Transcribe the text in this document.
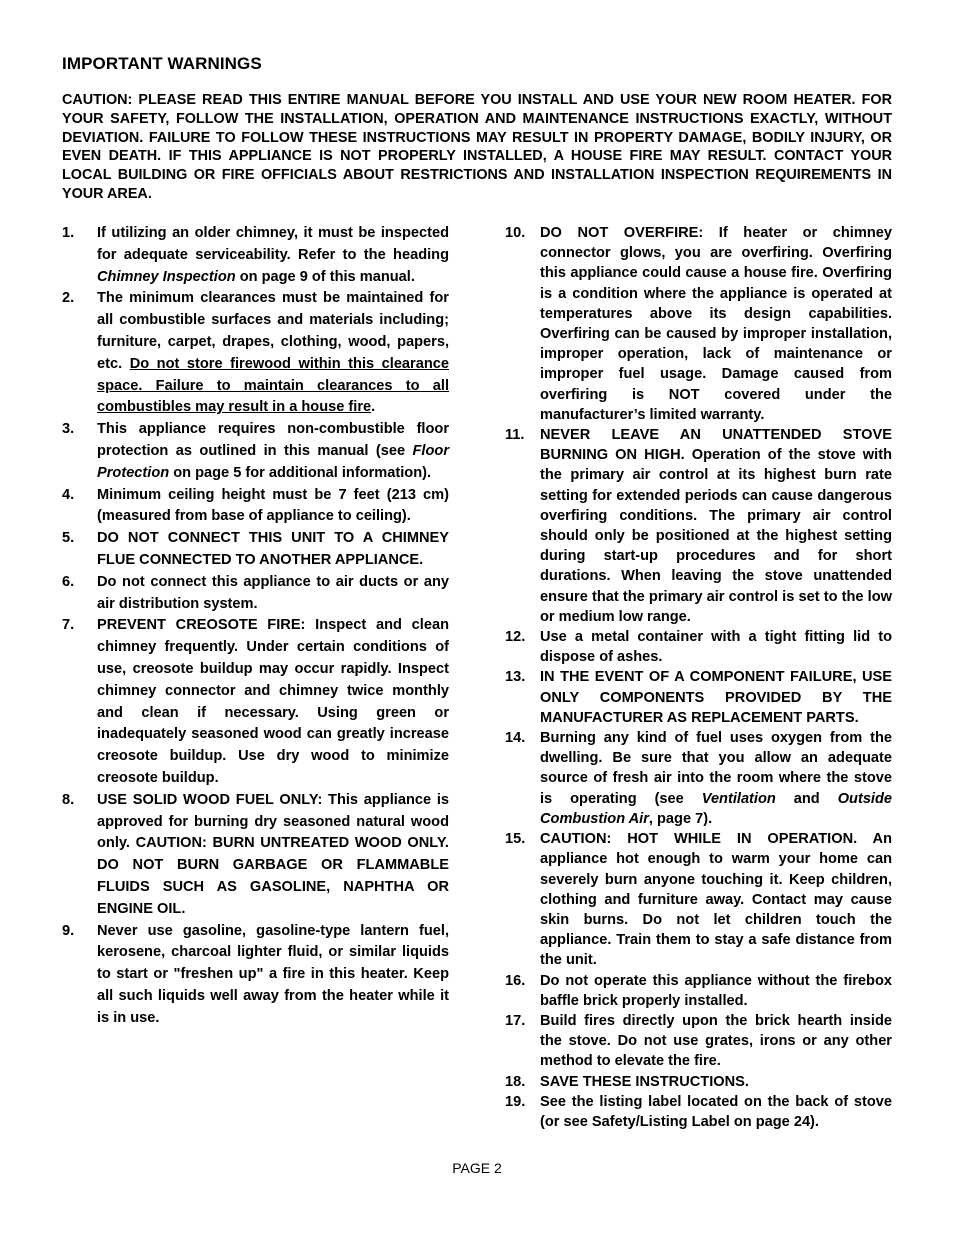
IMPORTANT WARNINGS
CAUTION: PLEASE READ THIS ENTIRE MANUAL BEFORE YOU INSTALL AND USE YOUR NEW ROOM HEATER. FOR YOUR SAFETY, FOLLOW THE INSTALLATION, OPERATION AND MAINTENANCE INSTRUCTIONS EXACTLY, WITHOUT DEVIATION. FAILURE TO FOLLOW THESE INSTRUCTIONS MAY RESULT IN PROPERTY DAMAGE, BODILY INJURY, OR EVEN DEATH. IF THIS APPLIANCE IS NOT PROPERLY INSTALLED, A HOUSE FIRE MAY RESULT. CONTACT YOUR LOCAL BUILDING OR FIRE OFFICIALS ABOUT RESTRICTIONS AND INSTALLATION INSPECTION REQUIREMENTS IN YOUR AREA.
1. If utilizing an older chimney, it must be inspected for adequate serviceability. Refer to the heading Chimney Inspection on page 9 of this manual.
2. The minimum clearances must be maintained for all combustible surfaces and materials including; furniture, carpet, drapes, clothing, wood, papers, etc. Do not store firewood within this clearance space. Failure to maintain clearances to all combustibles may result in a house fire.
3. This appliance requires non-combustible floor protection as outlined in this manual (see Floor Protection on page 5 for additional information).
4. Minimum ceiling height must be 7 feet (213 cm) (measured from base of appliance to ceiling).
5. DO NOT CONNECT THIS UNIT TO A CHIMNEY FLUE CONNECTED TO ANOTHER APPLIANCE.
6. Do not connect this appliance to air ducts or any air distribution system.
7. PREVENT CREOSOTE FIRE: Inspect and clean chimney frequently. Under certain conditions of use, creosote buildup may occur rapidly. Inspect chimney connector and chimney twice monthly and clean if necessary. Using green or inadequately seasoned wood can greatly increase creosote buildup. Use dry wood to minimize creosote buildup.
8. USE SOLID WOOD FUEL ONLY: This appliance is approved for burning dry seasoned natural wood only. CAUTION: BURN UNTREATED WOOD ONLY. DO NOT BURN GARBAGE OR FLAMMABLE FLUIDS SUCH AS GASOLINE, NAPHTHA OR ENGINE OIL.
9. Never use gasoline, gasoline-type lantern fuel, kerosene, charcoal lighter fluid, or similar liquids to start or "freshen up" a fire in this heater. Keep all such liquids well away from the heater while it is in use.
10. DO NOT OVERFIRE: If heater or chimney connector glows, you are overfiring. Overfiring this appliance could cause a house fire. Overfiring is a condition where the appliance is operated at temperatures above its design capabilities. Overfiring can be caused by improper installation, improper operation, lack of maintenance or improper fuel usage. Damage caused from overfiring is NOT covered under the manufacturer’s limited warranty.
11. NEVER LEAVE AN UNATTENDED STOVE BURNING ON HIGH. Operation of the stove with the primary air control at its highest burn rate setting for extended periods can cause dangerous overfiring conditions. The primary air control should only be positioned at the highest setting during start-up procedures and for short durations. When leaving the stove unattended ensure that the primary air control is set to the low or medium low range.
12. Use a metal container with a tight fitting lid to dispose of ashes.
13. IN THE EVENT OF A COMPONENT FAILURE, USE ONLY COMPONENTS PROVIDED BY THE MANUFACTURER AS REPLACEMENT PARTS.
14. Burning any kind of fuel uses oxygen from the dwelling. Be sure that you allow an adequate source of fresh air into the room where the stove is operating (see Ventilation and Outside Combustion Air, page 7).
15. CAUTION: HOT WHILE IN OPERATION. An appliance hot enough to warm your home can severely burn anyone touching it. Keep children, clothing and furniture away. Contact may cause skin burns. Do not let children touch the appliance. Train them to stay a safe distance from the unit.
16. Do not operate this appliance without the firebox baffle brick properly installed.
17. Build fires directly upon the brick hearth inside the stove. Do not use grates, irons or any other method to elevate the fire.
18. SAVE THESE INSTRUCTIONS.
19. See the listing label located on the back of stove (or see Safety/Listing Label on page 24).
PAGE 2
